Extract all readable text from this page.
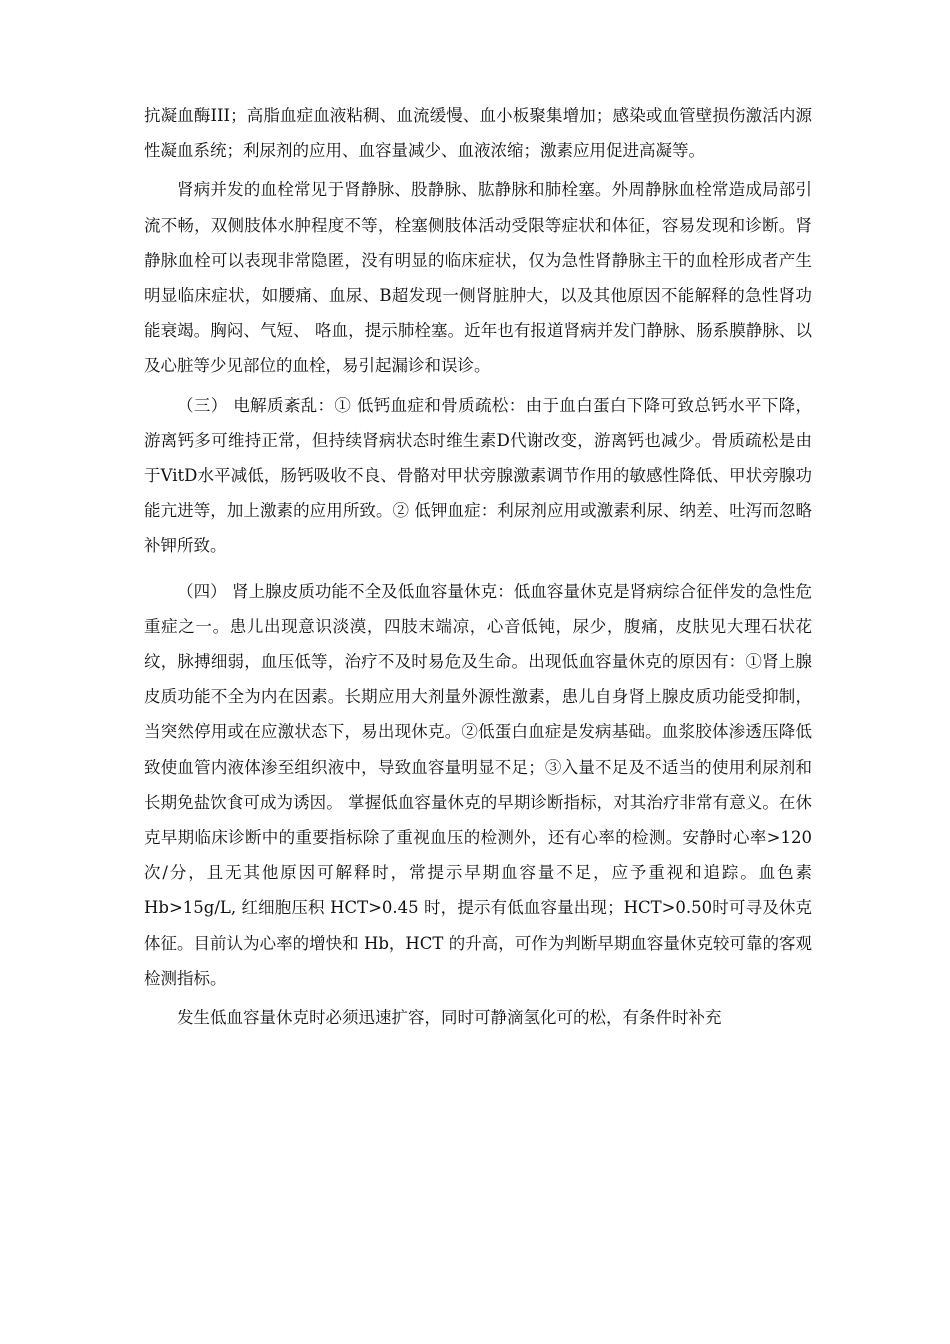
抗凝血酶III；高脂血症血液粘稠、血流缓慢、血小板聚集增加；感染或血管壁损伤激活内源性凝血系统；利尿剂的应用、血容量减少、血液浓缩；激素应用促进高凝等。

肾病并发的血栓常见于肾静脉、股静脉、肱静脉和肺栓塞。外周静脉血栓常造成局部引流不畅，双侧肢体水肿程度不等，栓塞侧肢体活动受限等症状和体征，容易发现和诊断。肾静脉血栓可以表现非常隐匿，没有明显的临床症状，仅为急性肾静脉主干的血栓形成者产生明显临床症状，如腰痛、血尿、B超发现一侧肾脏肿大，以及其他原因不能解释的急性肾功能衰竭。胸闷、气短、 咯血，提示肺栓塞。近年也有报道肾病并发门静脉、肠系膜静脉、以及心脏等少见部位的血栓，易引起漏诊和误诊。

（三） 电解质紊乱：① 低钙血症和骨质疏松：由于血白蛋白下降可致总钙水平下降，游离钙多可维持正常，但持续肾病状态时维生素D代谢改变，游离钙也减少。骨质疏松是由于VitD水平减低，肠钙吸收不良、骨骼对甲状旁腺激素调节作用的敏感性降低、甲状旁腺功能亢进等，加上激素的应用所致。② 低钾血症：利尿剂应用或激素利尿、纳差、吐泻而忽略补钾所致。

（四） 肾上腺皮质功能不全及低血容量休克：低血容量休克是肾病综合征伴发的急性危重症之一。患儿出现意识淡漠，四肢末端凉，心音低钝，尿少，腹痛，皮肤见大理石状花纹，脉搏细弱，血压低等，治疗不及时易危及生命。出现低血容量休克的原因有：①肾上腺皮质功能不全为内在因素。长期应用大剂量外源性激素，患儿自身肾上腺皮质功能受抑制，当突然停用或在应激状态下，易出现休克。②低蛋白血症是发病基础。血浆胶体渗透压降低致使血管内液体渗至组织液中，导致血容量明显不足；③入量不足及不适当的使用利尿剂和长期免盐饮食可成为诱因。 掌握低血容量休克的早期诊断指标，对其治疗非常有意义。在休克早期临床诊断中的重要指标除了重视血压的检测外，还有心率的检测。安静时心率>120次/分，且无其他原因可解释时，常提示早期血容量不足，应予重视和追踪。血色素 Hb>15g/L, 红细胞压积 HCT>0.45 时，提示有低血容量出现；HCT>0.50时可寻及休克体征。目前认为心率的增快和 Hb，HCT 的升高，可作为判断早期血容量休克较可靠的客观检测指标。

发生低血容量休克时必须迅速扩容，同时可静滴氢化可的松，有条件时补充
